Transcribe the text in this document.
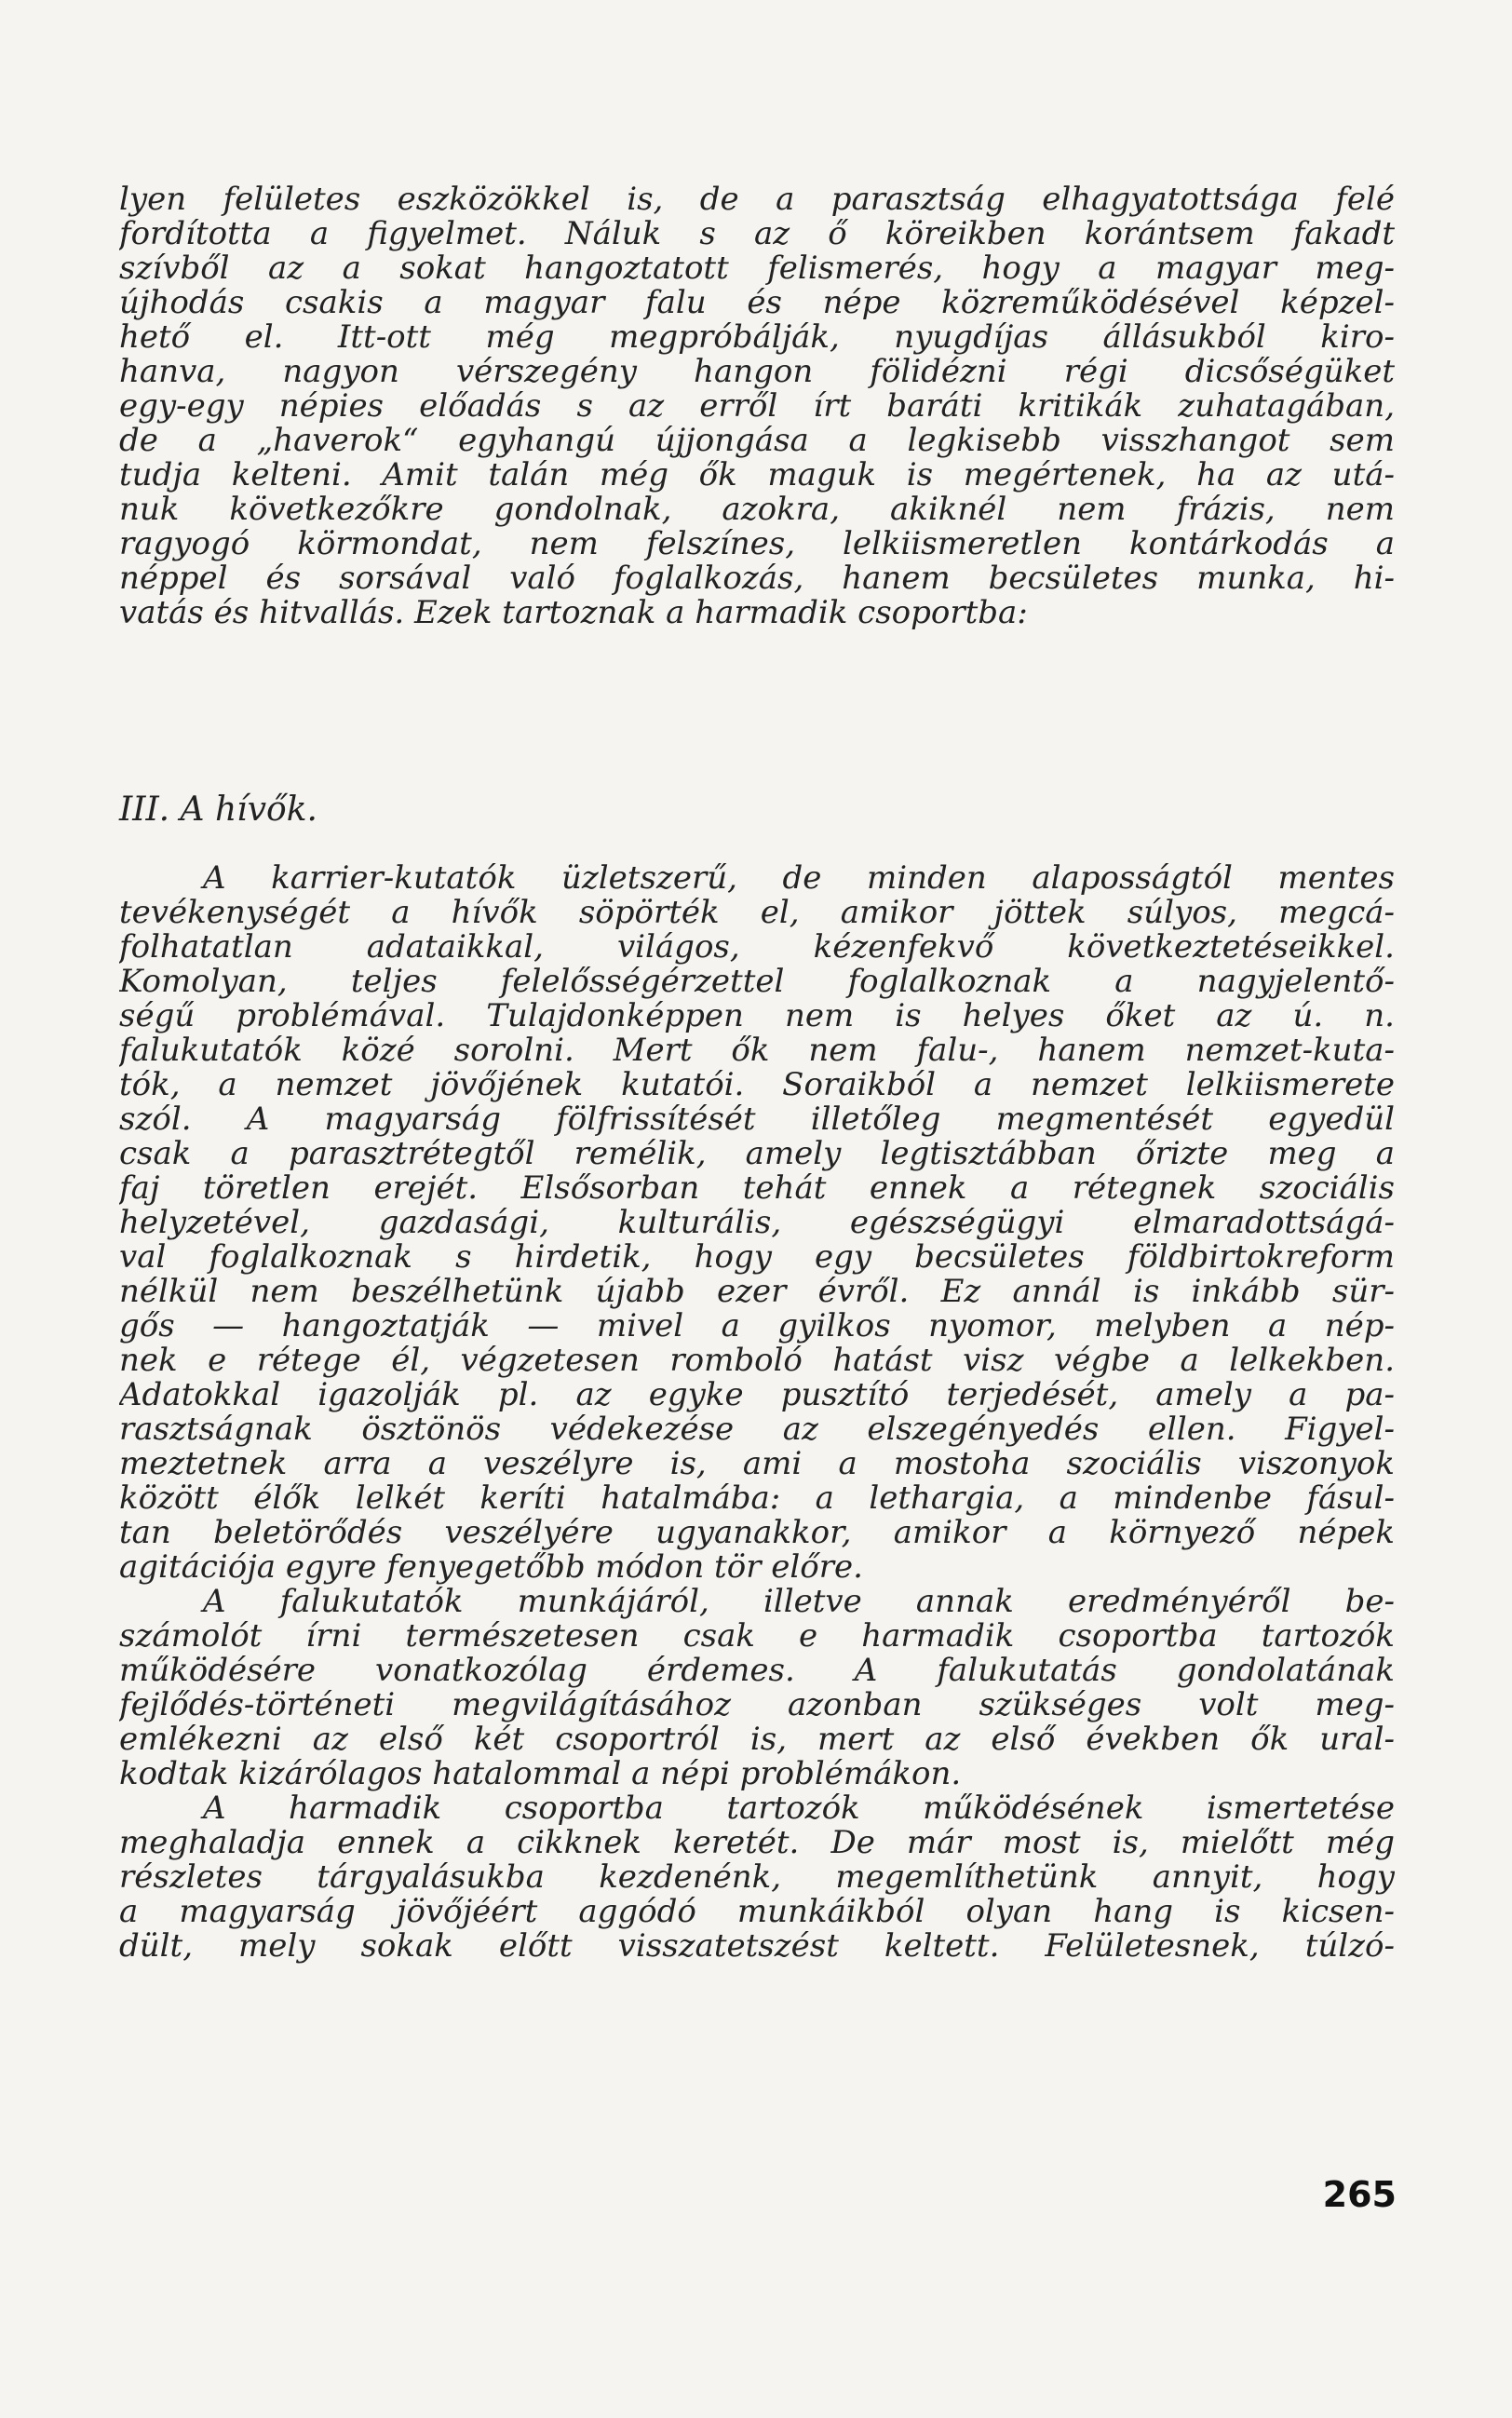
lyen felületes eszközökkel is, de a parasztság elhagyatottsága felé
fordította a figyelmet. Náluk s az ő köreikben korántsem fakadt
szívből az a sokat hangoztatott felismerés, hogy a magyar meg-
újhodás csakis a magyar falu és népe közreműködésével képzel-
hető el. Itt-ott még megpróbálják, nyugdíjas állásukból kiro-
hanva, nagyon vérszegény hangon fölidézni régi dicsőségüket
egy-egy népies előadás s az erről írt baráti kritikák zuhatagában,
de a „haverok“ egyhangú újjongása a legkisebb visszhangot sem
tudja kelteni. Amit talán még ők maguk is megértenek, ha az utá-
nuk következőkre gondolnak, azokra, akiknél nem frázis, nem
ragyogó körmondat, nem felszínes, lelkiismeretlen kontárkodás a
néppel és sorsával való foglalkozás, hanem becsületes munka, hi-
vatás és hitvallás. Ezek tartoznak a harmadik csoportba:
III. A hívők.
A karrier-kutatók üzletszerű, de minden alaposságtól mentes
tevékenységét a hívők söpörték el, amikor jöttek súlyos, megcá-
folhatatlan adataikkal, világos, kézenfekvő következtetéseikkel.
Komolyan, teljes felelősségérzettel foglalkoznak a nagyjelentő-
ségű problémával. Tulajdonképpen nem is helyes őket az ú. n.
falukutatók közé sorolni. Mert ők nem falu-, hanem nemzet-kuta-
tók, a nemzet jövőjének kutatói. Soraikból a nemzet lelkiismerete
szól. A magyarság fölfrissítését illetőleg megmentését egyedül
csak a parasztrétegtől remélik, amely legtisztábban őrizte meg a
faj töretlen erejét. Elsősorban tehát ennek a rétegnek szociális
helyzetével, gazdasági, kulturális, egészségügyi elmaradottságá-
val foglalkoznak s hirdetik, hogy egy becsületes földbirtokreform
nélkül nem beszélhetünk újabb ezer évről. Ez annál is inkább sür-
gős — hangoztatják — mivel a gyilkos nyomor, melyben a nép-
nek e rétege él, végzetesen romboló hatást visz végbe a lelkekben.
Adatokkal igazolják pl. az egyke pusztító terjedését, amely a pa-
rasztságnak ösztönös védekezése az elszegényedés ellen. Figyel-
meztetnek arra a veszélyre is, ami a mostoha szociális viszonyok
között élők lelkét keríti hatalmába: a lethargia, a mindenbe fásul-
tan beletörődés veszélyére ugyanakkor, amikor a környező népek
agitációja egyre fenyegetőbb módon tör előre.
A falukutatók munkájáról, illetve annak eredményéről be-
számolót írni természetesen csak e harmadik csoportba tartozók
működésére vonatkozólag érdemes. A falukutatás gondolatának
fejlődés-történeti megvilágításához azonban szükséges volt meg-
emlékezni az első két csoportról is, mert az első években ők ural-
kodtak kizárólagos hatalommal a népi problémákon.
A harmadik csoportba tartozók működésének ismertetése
meghaladja ennek a cikknek keretét. De már most is, mielőtt még
részletes tárgyalásukba kezdenénk, megemlíthetünk annyit, hogy
a magyarság jövőjéért aggódó munkáikból olyan hang is kicsen-
dült, mely sokak előtt visszatetszést keltett. Felületesnek, túlzó-
265
